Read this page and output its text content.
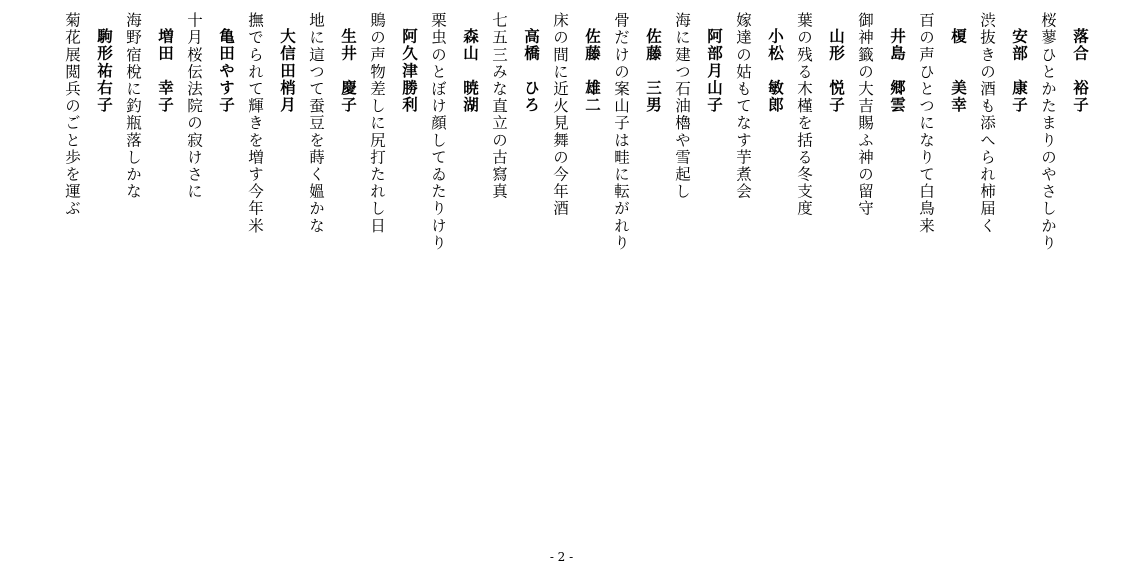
落合　裕子
桜蓼ひとかたまりのやさしかり
安部　康子
渋抜きの酒も添へられ柿届く
榎　　美幸
百の声ひとつになりて白鳥来
井島　郷雲
御神籤の大吉賜ふ神の留守
山形　悦子
葉の残る木槿を括る冬支度
小松　敏郎
嫁達の姑もてなす芋煮会
阿部月山子
海に建つ石油櫓や雪起し
佐藤　三男
骨だけの案山子は畦に転がれり
佐藤　雄二
床の間に近火見舞の今年酒
高橋　ひろ
七五三みな直立の古寫真
森山　暁湖
栗虫のとぼけ顔してゐたりけり
阿久津勝利
鵙の声物差しに尻打たれし日
生井　慶子
地に這つて蚕豆を蒔く媼かな
大信田梢月
撫でられて輝きを増す今年米
亀田やす子
十月桜伝法院の寂けさに
増田　幸子
海野宿梲に釣瓶落しかな
駒形祐右子
菊花展閲兵のごと歩を運ぶ
- 2 -
